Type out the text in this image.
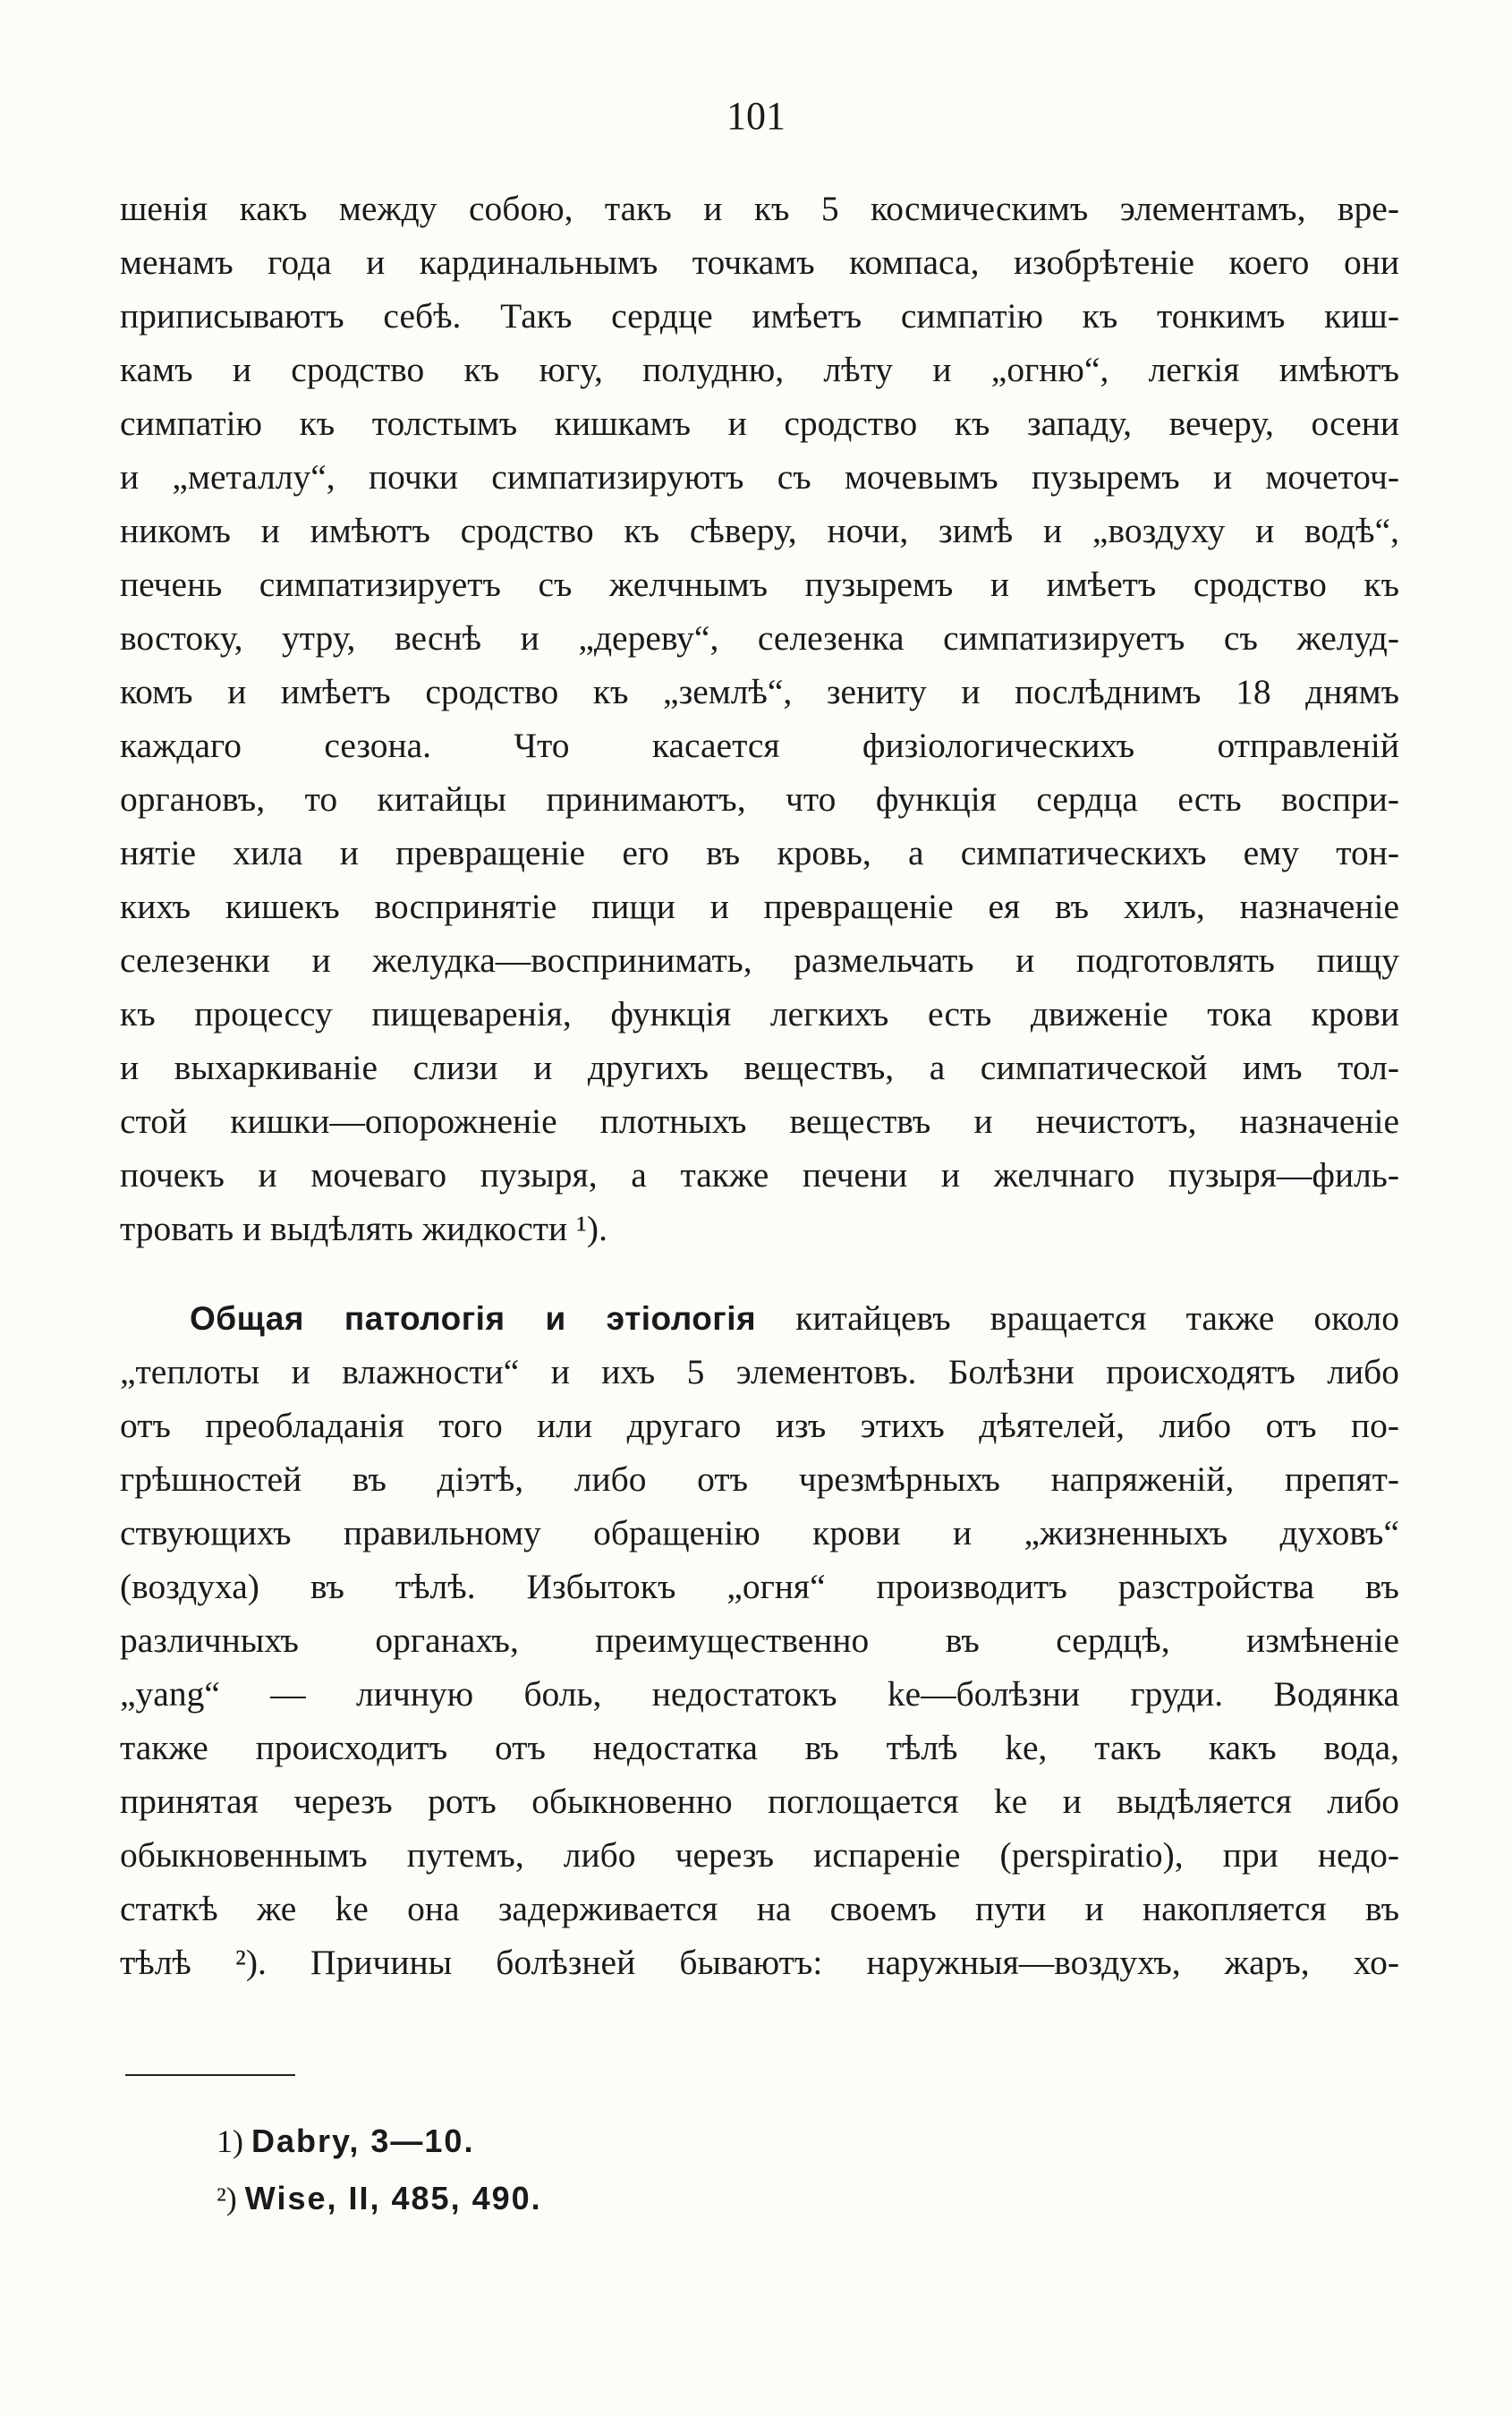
101
шенія какъ между собою, такъ и къ 5 космическимъ элементамъ, вре-
менамъ года и кардинальнымъ точкамъ компаса, изобрѣтеніе коего они
приписываютъ себѣ. Такъ сердце имѣетъ симпатію къ тонкимъ киш-
камъ и сродство къ югу, полудню, лѣту и „огню“, легкія имѣютъ
симпатію къ толстымъ кишкамъ и сродство къ западу, вечеру, осени
и „металлу“, почки симпатизируютъ съ мочевымъ пузыремъ и мочеточ-
никомъ и имѣютъ сродство къ сѣверу, ночи, зимѣ и „воздуху и водѣ“,
печень симпатизируетъ съ желчнымъ пузыремъ и имѣетъ сродство къ
востоку, утру, веснѣ и „дереву“, селезенка симпатизируетъ съ желуд-
комъ и имѣетъ сродство къ „землѣ“, зениту и послѣднимъ 18 днямъ
каждаго сезона. Что касается физіологическихъ отправленій
органовъ, то китайцы принимаютъ, что функція сердца есть воспри-
нятіе хила и превращеніе его въ кровь, а симпатическихъ ему тон-
кихъ кишекъ воспринятіе пищи и превращеніе ея въ хилъ, назначеніе
селезенки и желудка—воспринимать, размельчать и подготовлять пищу
къ процессу пищеваренія, функція легкихъ есть движеніе тока крови
и выхаркиваніе слизи и другихъ веществъ, а симпатической имъ тол-
стой кишки—опорожненіе плотныхъ веществъ и нечистотъ, назначеніе
почекъ и мочеваго пузыря, а также печени и желчнаго пузыря—филь-
тровать и выдѣлять жидкости ¹).
Общая патологія и этіологія китайцевъ вращается также около
„теплоты и влажности“ и ихъ 5 элементовъ. Болѣзни происходятъ либо
отъ преобладанія того или другаго изъ этихъ дѣятелей, либо отъ по-
грѣшностей въ діэтѣ, либо отъ чрезмѣрныхъ напряженій, препят-
ствующихъ правильному обращенію крови и „жизненныхъ духовъ“
(воздуха) въ тѣлѣ. Избытокъ „огня“ производитъ разстройства въ
различныхъ органахъ, преимущественно въ сердцѣ, измѣненіе
„yang“ — личную боль, недостатокъ ke—болѣзни груди. Водянка
также происходитъ отъ недостатка въ тѣлѣ ke, такъ какъ вода,
принятая черезъ ротъ обыкновенно поглощается ke и выдѣляется либо
обыкновеннымъ путемъ, либо черезъ испареніе (perspiratio), при недо-
статкѣ же ke она задерживается на своемъ пути и накопляется въ
тѣлѣ ²). Причины болѣзней бываютъ: наружныя—воздухъ, жаръ, хо-
1) Dabry, 3—10.
²) Wise, II, 485, 490.
